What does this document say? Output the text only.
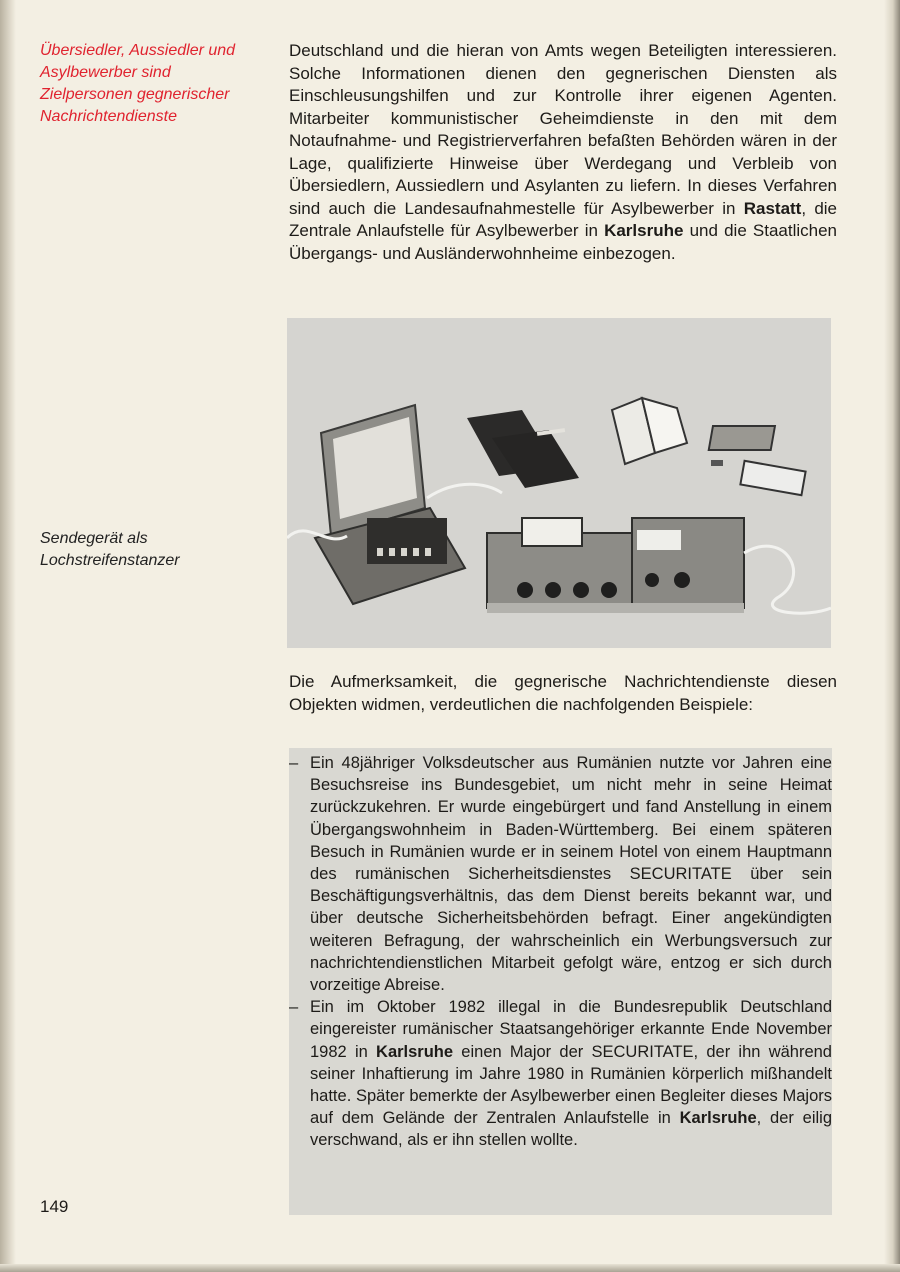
Übersiedler, Aussiedler und Asylbewerber sind Zielpersonen gegnerischer Nachrichtendienste

Deutschland und die hieran von Amts wegen Beteiligten interessieren. Solche Informationen dienen den gegnerischen Diensten als Einschleusungshilfen und zur Kontrolle ihrer eigenen Agenten. Mitarbeiter kommunistischer Geheimdienste in den mit dem Notaufnahme- und Registrierverfahren befaßten Behörden wären in der Lage, qualifizierte Hinweise über Werdegang und Verbleib von Übersiedlern, Aussiedlern und Asylanten zu liefern. In dieses Verfahren sind auch die Landesaufnahmestelle für Asylbewerber in Rastatt, die Zentrale Anlaufstelle für Asylbewerber in Karlsruhe und die Staatlichen Übergangs- und Ausländerwohnheime einbezogen.

Sendegerät als Lochstreifenstanzer

Die Aufmerksamkeit, die gegnerische Nachrichtendienste diesen Objekten widmen, verdeutlichen die nachfolgenden Beispiele:

– Ein 48jähriger Volksdeutscher aus Rumänien nutzte vor Jahren eine Besuchsreise ins Bundesgebiet, um nicht mehr in seine Heimat zurückzukehren. Er wurde eingebürgert und fand Anstellung in einem Übergangswohnheim in Baden-Württemberg. Bei einem späteren Besuch in Rumänien wurde er in seinem Hotel von einem Hauptmann des rumänischen Sicherheitsdienstes SECURITATE über sein Beschäftigungsverhältnis, das dem Dienst bereits bekannt war, und über deutsche Sicherheitsbehörden befragt. Einer angekündigten weiteren Befragung, der wahrscheinlich ein Werbungsversuch zur nachrichtendienstlichen Mitarbeit gefolgt wäre, entzog er sich durch vorzeitige Abreise.
– Ein im Oktober 1982 illegal in die Bundesrepublik Deutschland eingereister rumänischer Staatsangehöriger erkannte Ende November 1982 in Karlsruhe einen Major der SECURITATE, der ihn während seiner Inhaftierung im Jahre 1980 in Rumänien körperlich mißhandelt hatte. Später bemerkte der Asylbewerber einen Begleiter dieses Majors auf dem Gelände der Zentralen Anlaufstelle in Karlsruhe, der eilig verschwand, als er ihn stellen wollte.
149
